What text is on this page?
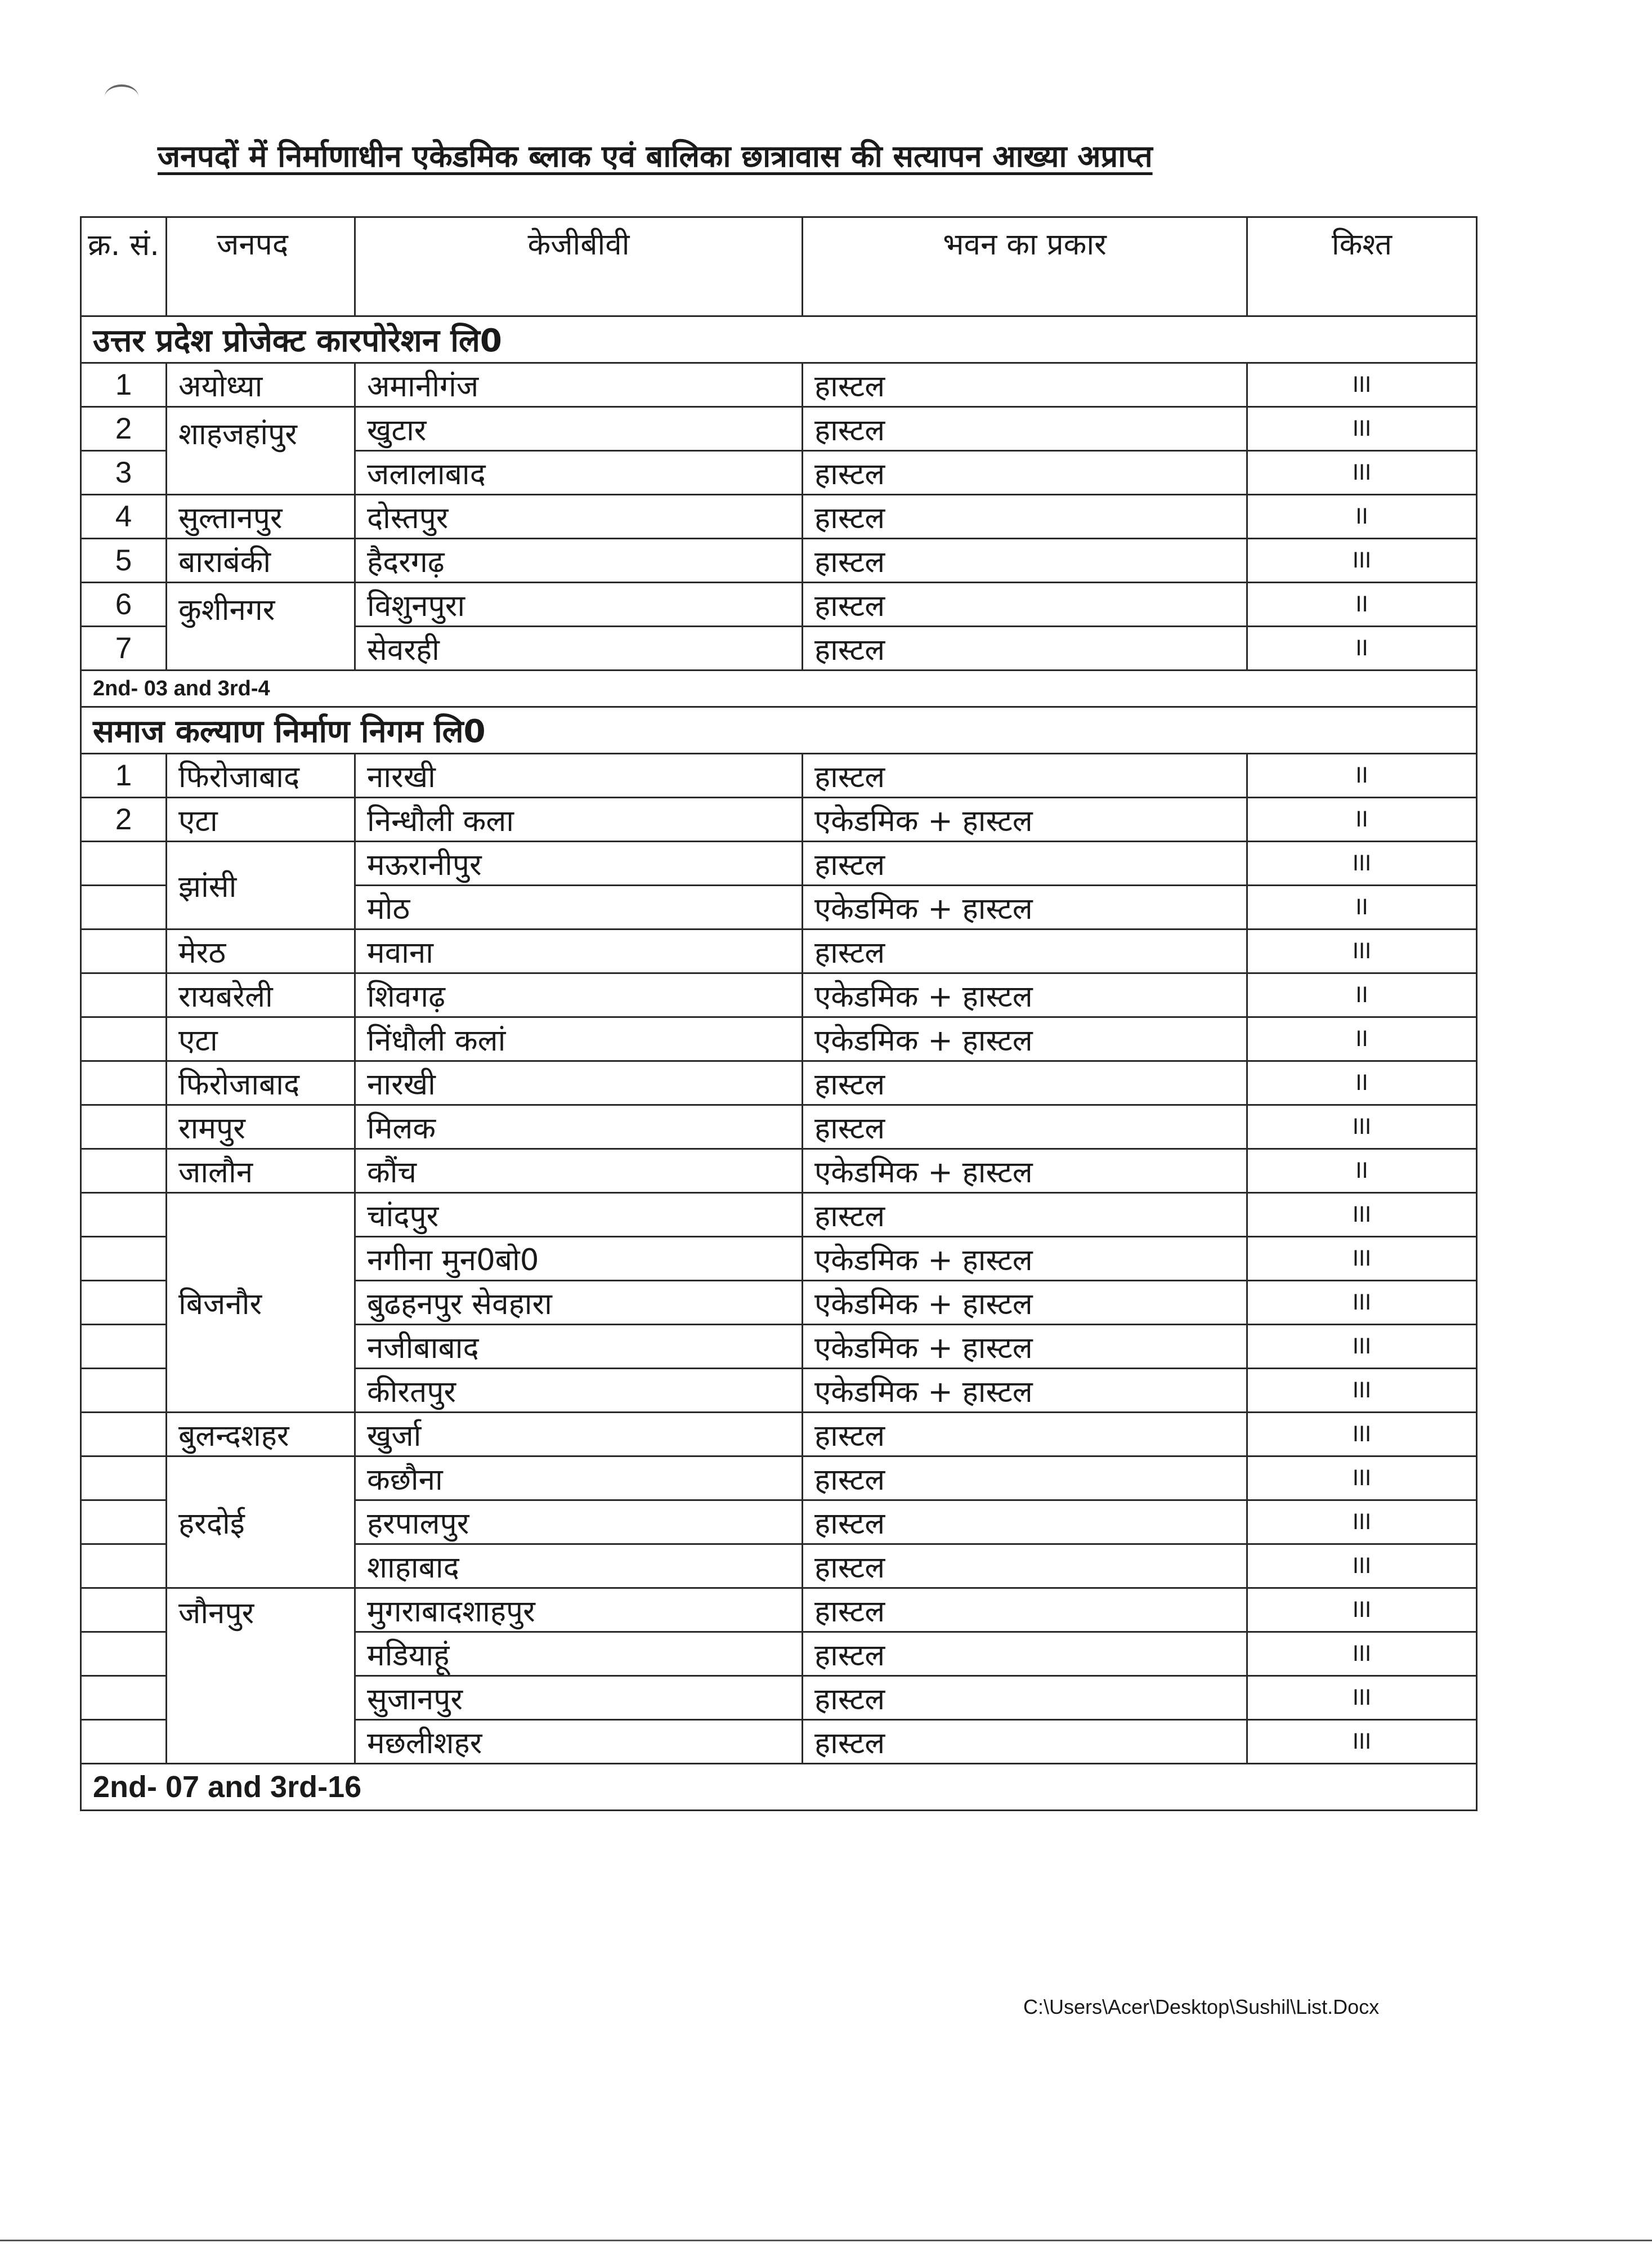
जनपदों में निर्माणाधीन एकेडमिक ब्लाक एवं बालिका छात्रावास की सत्यापन आख्या अप्राप्त
क्र. सं.	जनपद	केजीबीवी	भवन का प्रकार	किश्त
उत्तर प्रदेश प्रोजेक्ट कारपोरेशन लि0				
1	अयोध्या	अमानीगंज	हास्टल	III
2	शाहजहांपुर	खुटार	हास्टल	III
3		जलालाबाद	हास्टल	III
4	सुल्तानपुर	दोस्तपुर	हास्टल	II
5	बाराबंकी	हैदरगढ़	हास्टल	III
6	कुशीनगर	विशुनपुरा	हास्टल	II
7		सेवरही	हास्टल	II
2nd- 03 and 3rd-4				
समाज कल्याण निर्माण निगम लि0				
1	फिरोजाबाद	नारखी	हास्टल	II
2	एटा	निन्धौली कला	एकेडमिक + हास्टल	II
	झांसी	मऊरानीपुर	हास्टल	III
		मोठ	एकेडमिक + हास्टल	II
	मेरठ	मवाना	हास्टल	III
	रायबरेली	शिवगढ़	एकेडमिक + हास्टल	II
	एटा	निंधौली कलां	एकेडमिक + हास्टल	II
	फिरोजाबाद	नारखी	हास्टल	II
	रामपुर	मिलक	हास्टल	III
	जालौन	कौंच	एकेडमिक + हास्टल	II
	बिजनौर	चांदपुर	हास्टल	III
		नगीना मुन0बो0	एकेडमिक + हास्टल	III
		बुढहनपुर सेवहारा	एकेडमिक + हास्टल	III
		नजीबाबाद	एकेडमिक + हास्टल	III
		कीरतपुर	एकेडमिक + हास्टल	III
	बुलन्दशहर	खुर्जा	हास्टल	III
	हरदोई	कछौना	हास्टल	III
		हरपालपुर	हास्टल	III
		शाहाबाद	हास्टल	III
	जौनपुर	मुगराबादशाहपुर	हास्टल	III
		मडियाहूं	हास्टल	III
		सुजानपुर	हास्टल	III
		मछलीशहर	हास्टल	III
2nd- 07 and 3rd-16				
C:\Users\Acer\Desktop\Sushil\List.Docx
